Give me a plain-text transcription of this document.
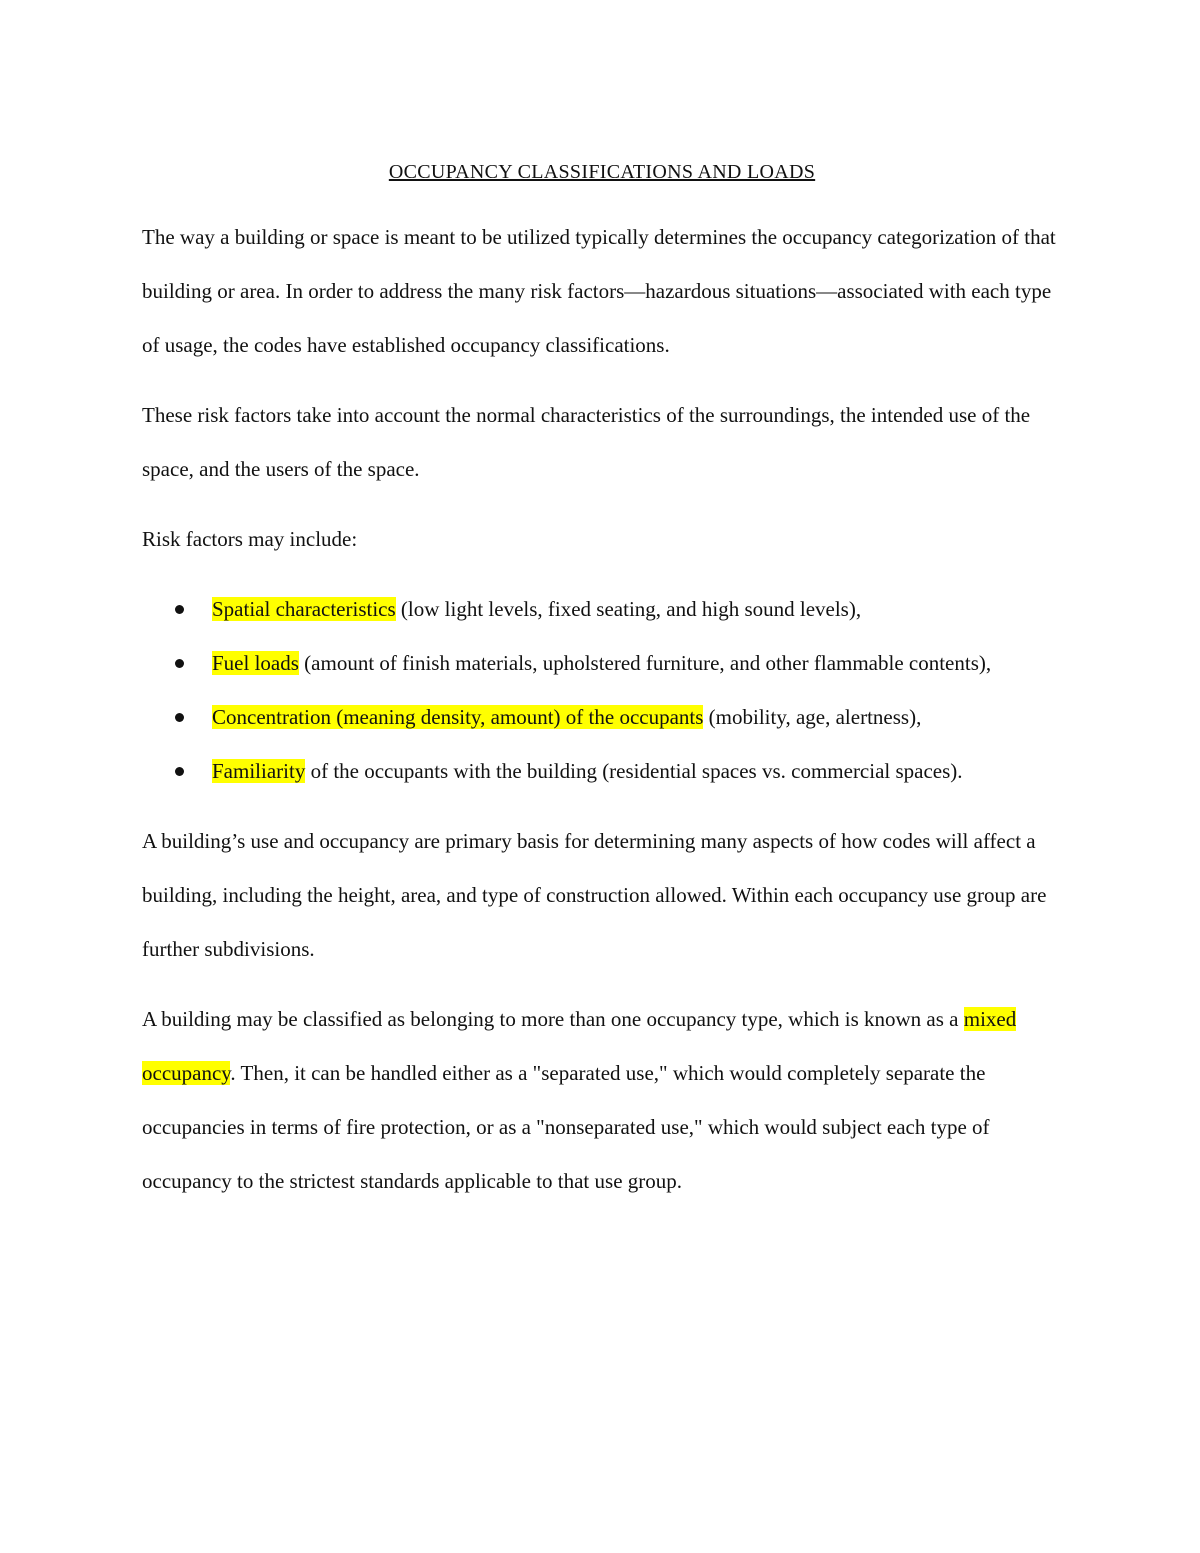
OCCUPANCY CLASSIFICATIONS AND LOADS

The way a building or space is meant to be utilized typically determines the occupancy categorization of that building or area. In order to address the many risk factors—hazardous situations—associated with each type of usage, the codes have established occupancy classifications.

These risk factors take into account the normal characteristics of the surroundings, the intended use of the space, and the users of the space.

Risk factors may include:

Spatial characteristics (low light levels, fixed seating, and high sound levels),
Fuel loads (amount of finish materials, upholstered furniture, and other flammable contents),
Concentration (meaning density, amount) of the occupants (mobility, age, alertness),
Familiarity of the occupants with the building (residential spaces vs. commercial spaces).

A building’s use and occupancy are primary basis for determining many aspects of how codes will affect a building, including the height, area, and type of construction allowed. Within each occupancy use group are further subdivisions.

A building may be classified as belonging to more than one occupancy type, which is known as a mixed occupancy. Then, it can be handled either as a "separated use," which would completely separate the occupancies in terms of fire protection, or as a "nonseparated use," which would subject each type of occupancy to the strictest standards applicable to that use group.
